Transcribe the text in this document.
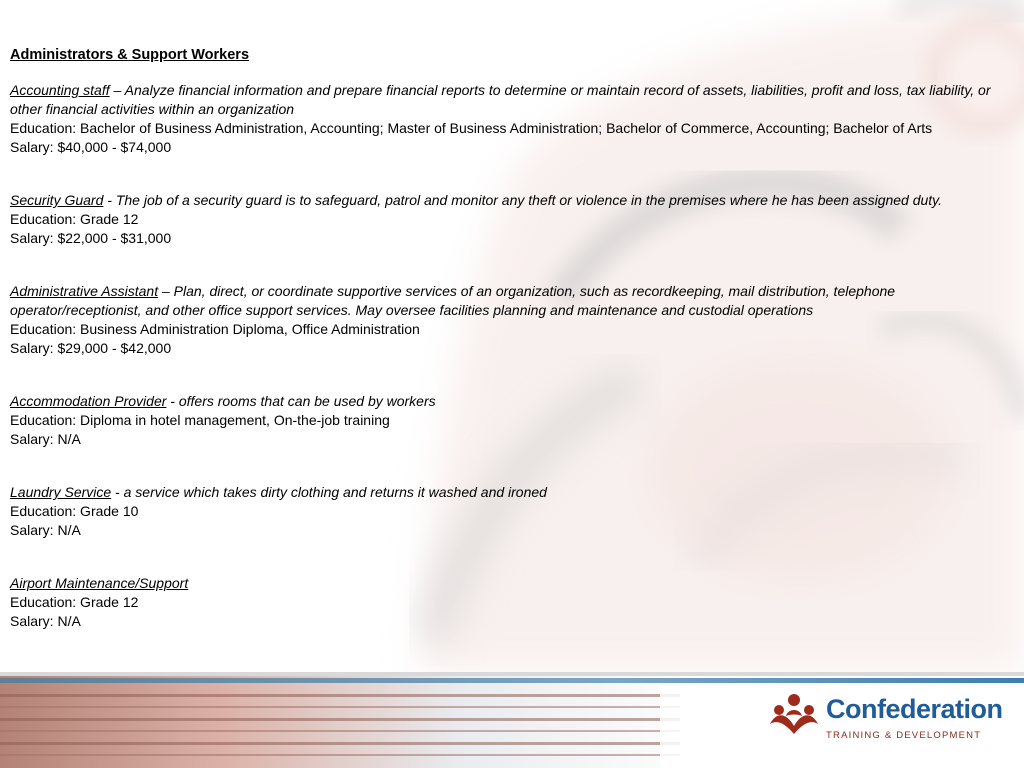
Confederation
TRAINING & DEVELOPMENT

Administrators & Support Workers

Accounting staff – Analyze financial information and prepare financial reports to determine or maintain record of assets, liabilities, profit and loss, tax liability, or other financial activities within an organization

Education: Bachelor of Business Administration, Accounting; Master of Business Administration; Bachelor of Commerce, Accounting; Bachelor of Arts

Salary: $40,000 - $74,000

Security Guard - The job of a security guard is to safeguard, patrol and monitor any theft or violence in the premises where he has been assigned duty.

Education: Grade 12

Salary: $22,000 - $31,000

Administrative Assistant – Plan, direct, or coordinate supportive services of an organization, such as recordkeeping, mail distribution, telephone operator/receptionist, and other office support services. May oversee facilities planning and maintenance and custodial operations

Education: Business Administration Diploma, Office Administration

Salary: $29,000 - $42,000

Accommodation Provider - offers rooms that can be used by workers

Education: Diploma in hotel management, On-the-job training

Salary: N/A

Laundry Service - a service which takes dirty clothing and returns it washed and ironed

Education: Grade 10

Salary: N/A

Airport Maintenance/Support

Education: Grade 12

Salary: N/A
